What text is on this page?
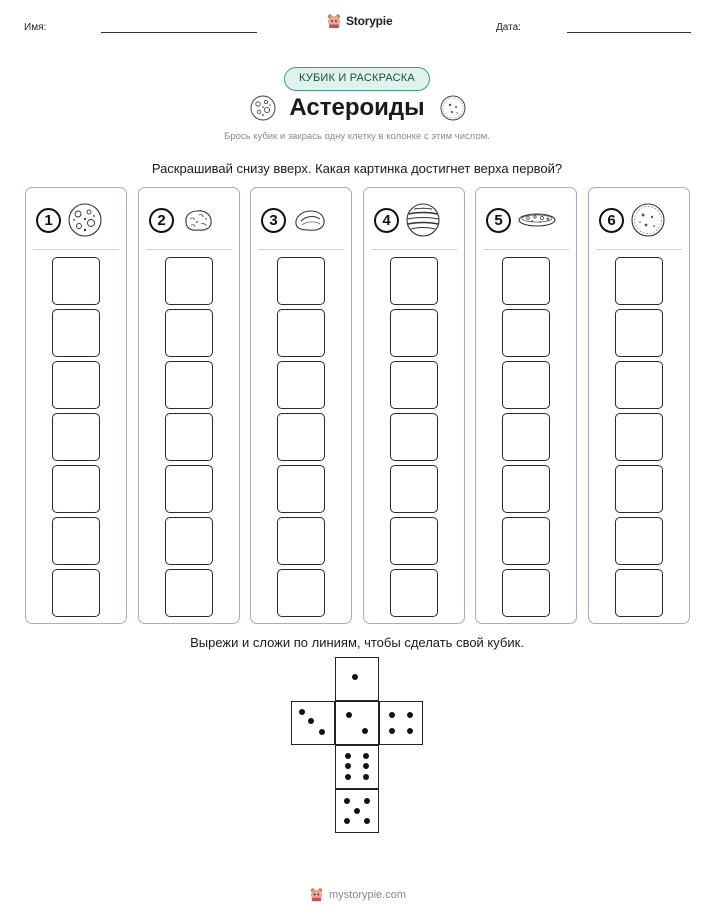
Имя:	Storypie	Дата:
КУБИК И РАСКРАСКА
Астероиды

Брось кубик и закрась одну клетку в колонке с этим числом.

Раскрашивай снизу вверх. Какая картинка достигнет верха первой?

1	2	3	4	5	6

Вырежи и сложи по линиям, чтобы сделать свой кубик.

mystorypie.com
